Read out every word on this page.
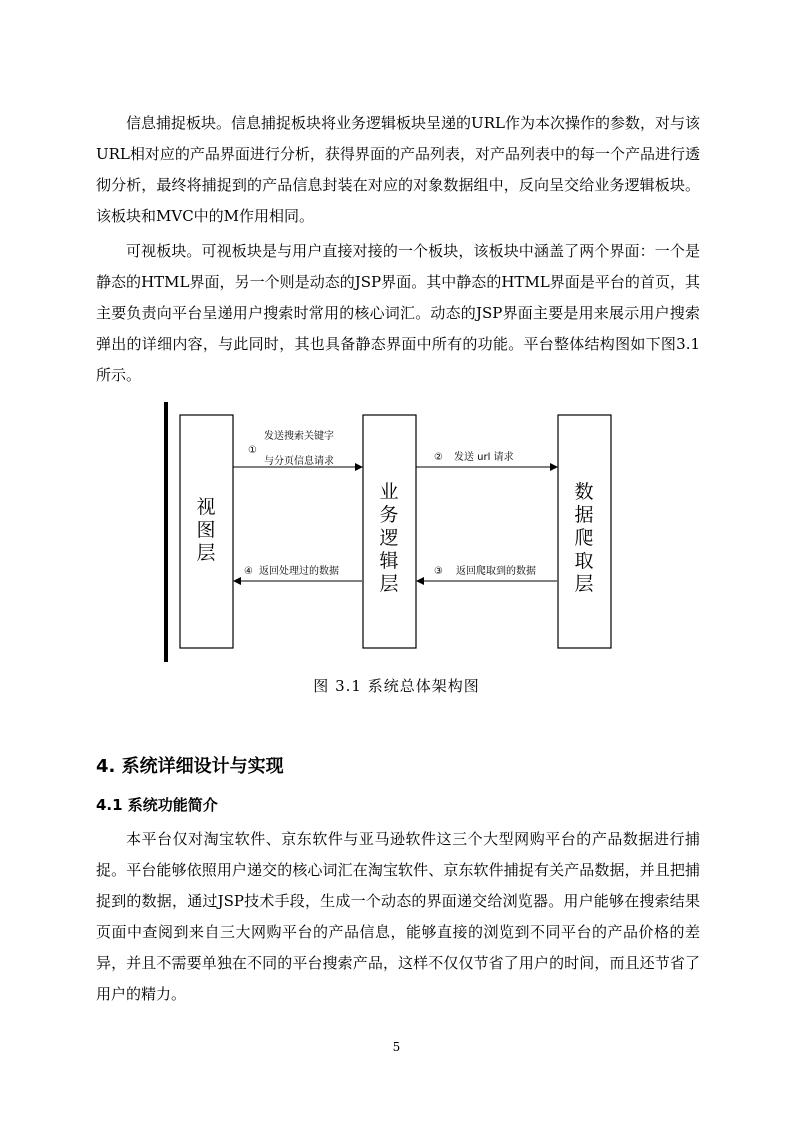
信息捕捉板块。信息捕捉板块将业务逻辑板块呈递的URL作为本次操作的参数，对与该URL相对应的产品界面进行分析，获得界面的产品列表，对产品列表中的每一个产品进行透彻分析，最终将捕捉到的产品信息封装在对应的对象数据组中，反向呈交给业务逻辑板块。该板块和MVC中的M作用相同。

可视板块。可视板块是与用户直接对接的一个板块，该板块中涵盖了两个界面：一个是静态的HTML界面，另一个则是动态的JSP界面。其中静态的HTML界面是平台的首页，其主要负责向平台呈递用户搜索时常用的核心词汇。动态的JSP界面主要是用来展示用户搜索弹出的详细内容，与此同时，其也具备静态界面中所有的功能。平台整体结构图如下图3.1所示。

视
图
层
业
务
逻
辑
层
数
据
爬
取
层
①
发送搜索关键字
与分页信息请求	② 发送 url 请求
③ 返回爬取到的数据
④ 返回处理过的数据
图 3.1 系统总体架构图
4. 系统详细设计与实现
4.1 系统功能简介

本平台仅对淘宝软件、京东软件与亚马逊软件这三个大型网购平台的产品数据进行捕捉。平台能够依照用户递交的核心词汇在淘宝软件、京东软件捕捉有关产品数据，并且把捕捉到的数据，通过JSP技术手段，生成一个动态的界面递交给浏览器。用户能够在搜索结果页面中查阅到来自三大网购平台的产品信息，能够直接的浏览到不同平台的产品价格的差异，并且不需要单独在不同的平台搜索产品，这样不仅仅节省了用户的时间，而且还节省了用户的精力。

5
